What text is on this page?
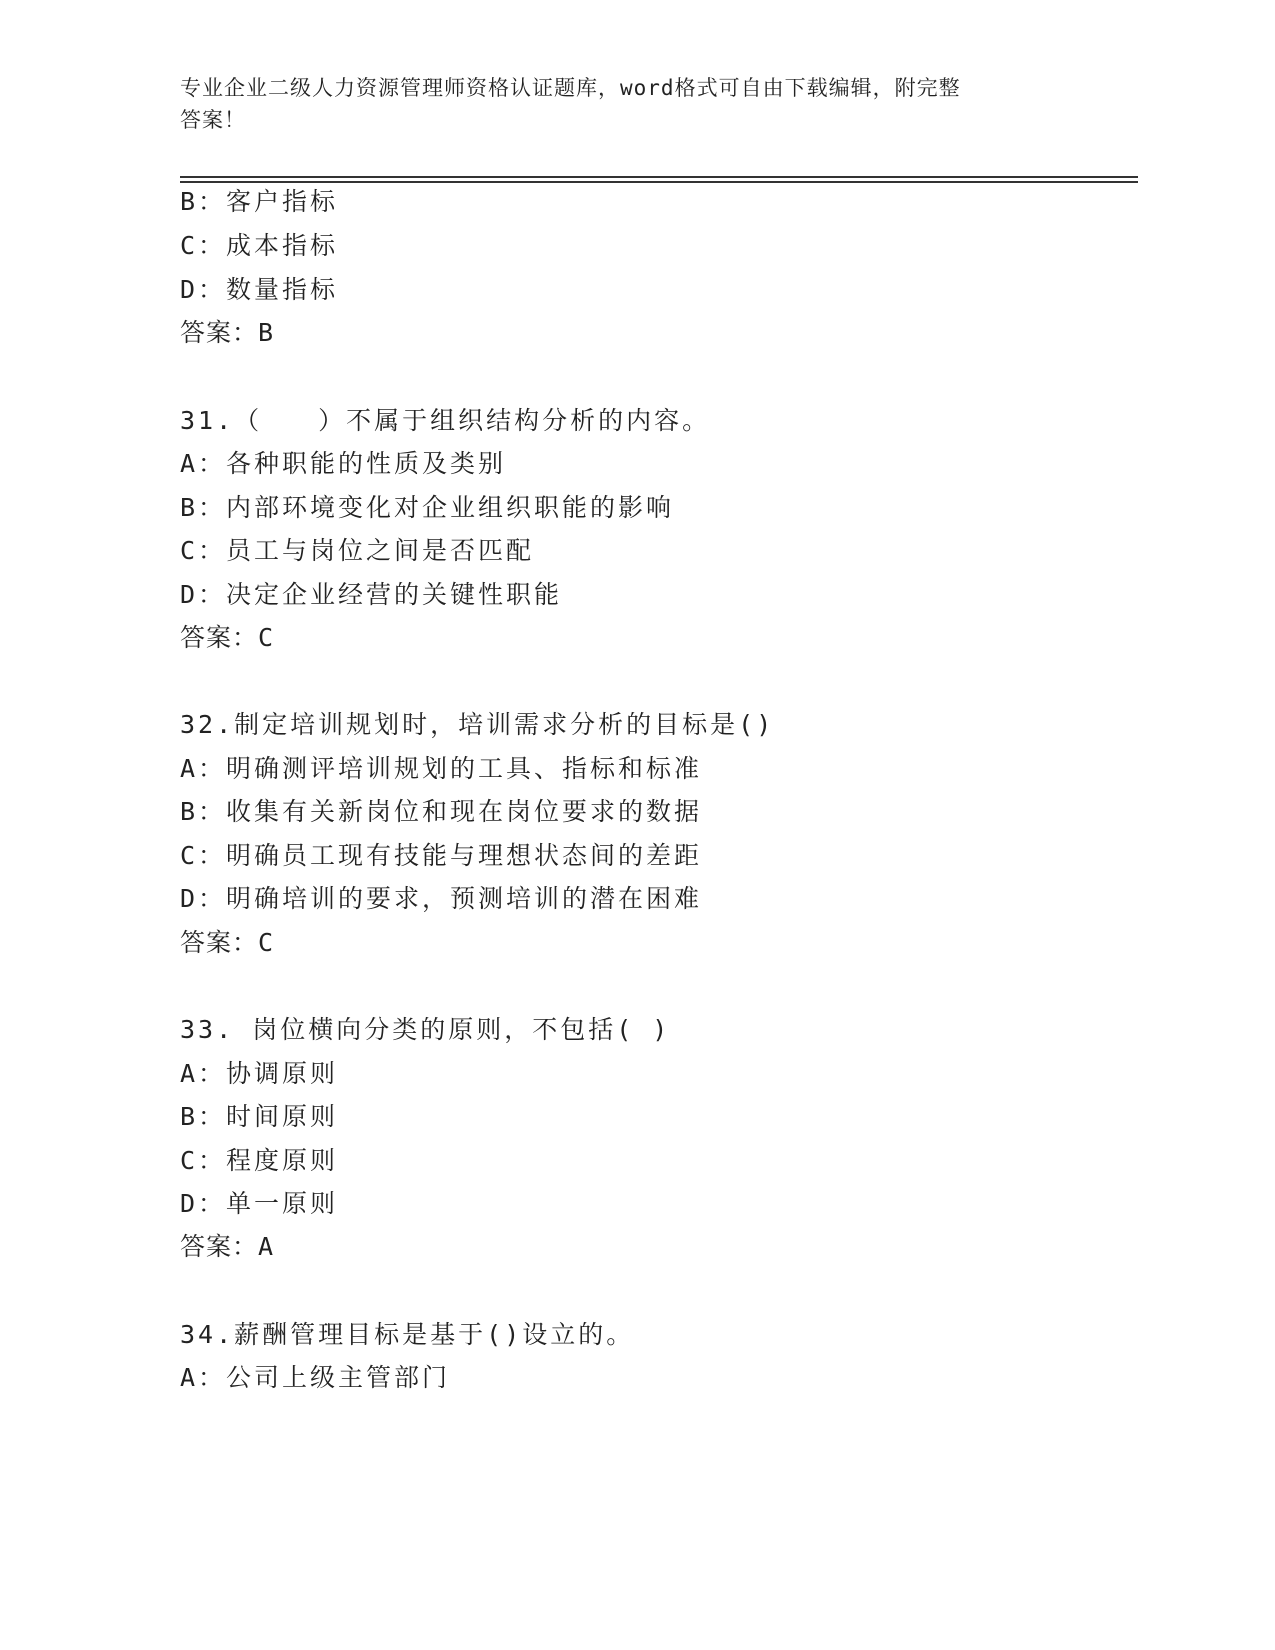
专业企业二级人力资源管理师资格认证题库，word格式可自由下载编辑，附完整
答案！
B：客户指标
C：成本指标
D：数量指标
答案：B
31.（　　）不属于组织结构分析的内容。
A：各种职能的性质及类别
B：内部环境变化对企业组织职能的影响
C：员工与岗位之间是否匹配
D：决定企业经营的关键性职能
答案：C
32.制定培训规划时，培训需求分析的目标是()
A：明确测评培训规划的工具、指标和标准
B：收集有关新岗位和现在岗位要求的数据
C：明确员工现有技能与理想状态间的差距
D：明确培训的要求，预测培训的潜在困难
答案：C
33. 岗位横向分类的原则，不包括( )
A：协调原则
B：时间原则
C：程度原则
D：单一原则
答案：A
34.薪酬管理目标是基于()设立的。
A：公司上级主管部门
